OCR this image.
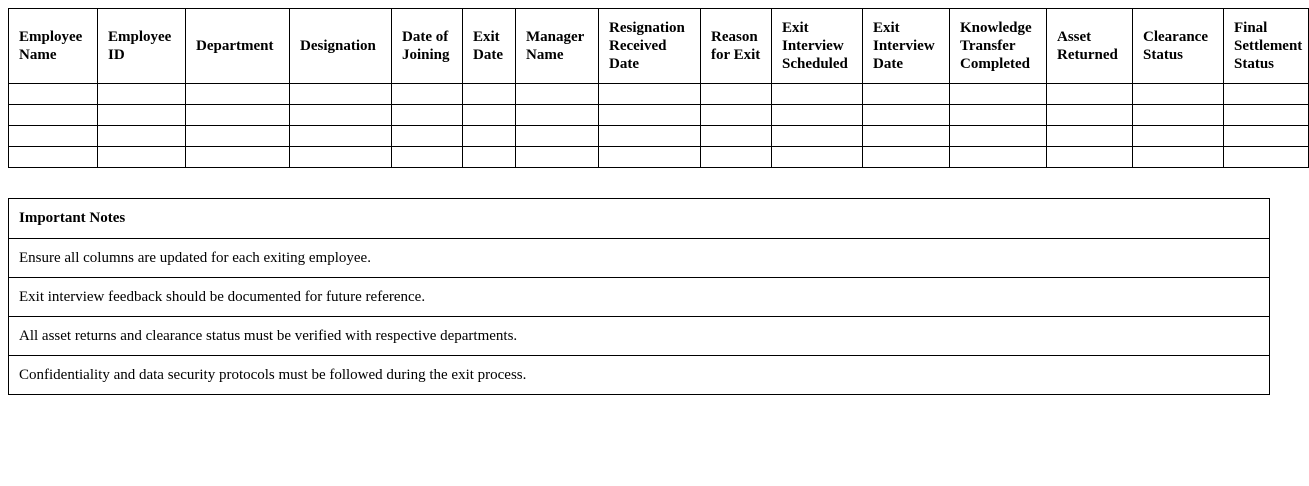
Employee Name	Employee ID	Department	Designation	Date of Joining	Exit Date	Manager Name	Resignation Received Date	Reason for Exit	Exit Interview Scheduled	Exit Interview Date	Knowledge Transfer Completed	Asset Returned	Clearance Status	Final Settlement Status

Important Notes
Ensure all columns are updated for each exiting employee.
Exit interview feedback should be documented for future reference.
All asset returns and clearance status must be verified with respective departments.
Confidentiality and data security protocols must be followed during the exit process.
